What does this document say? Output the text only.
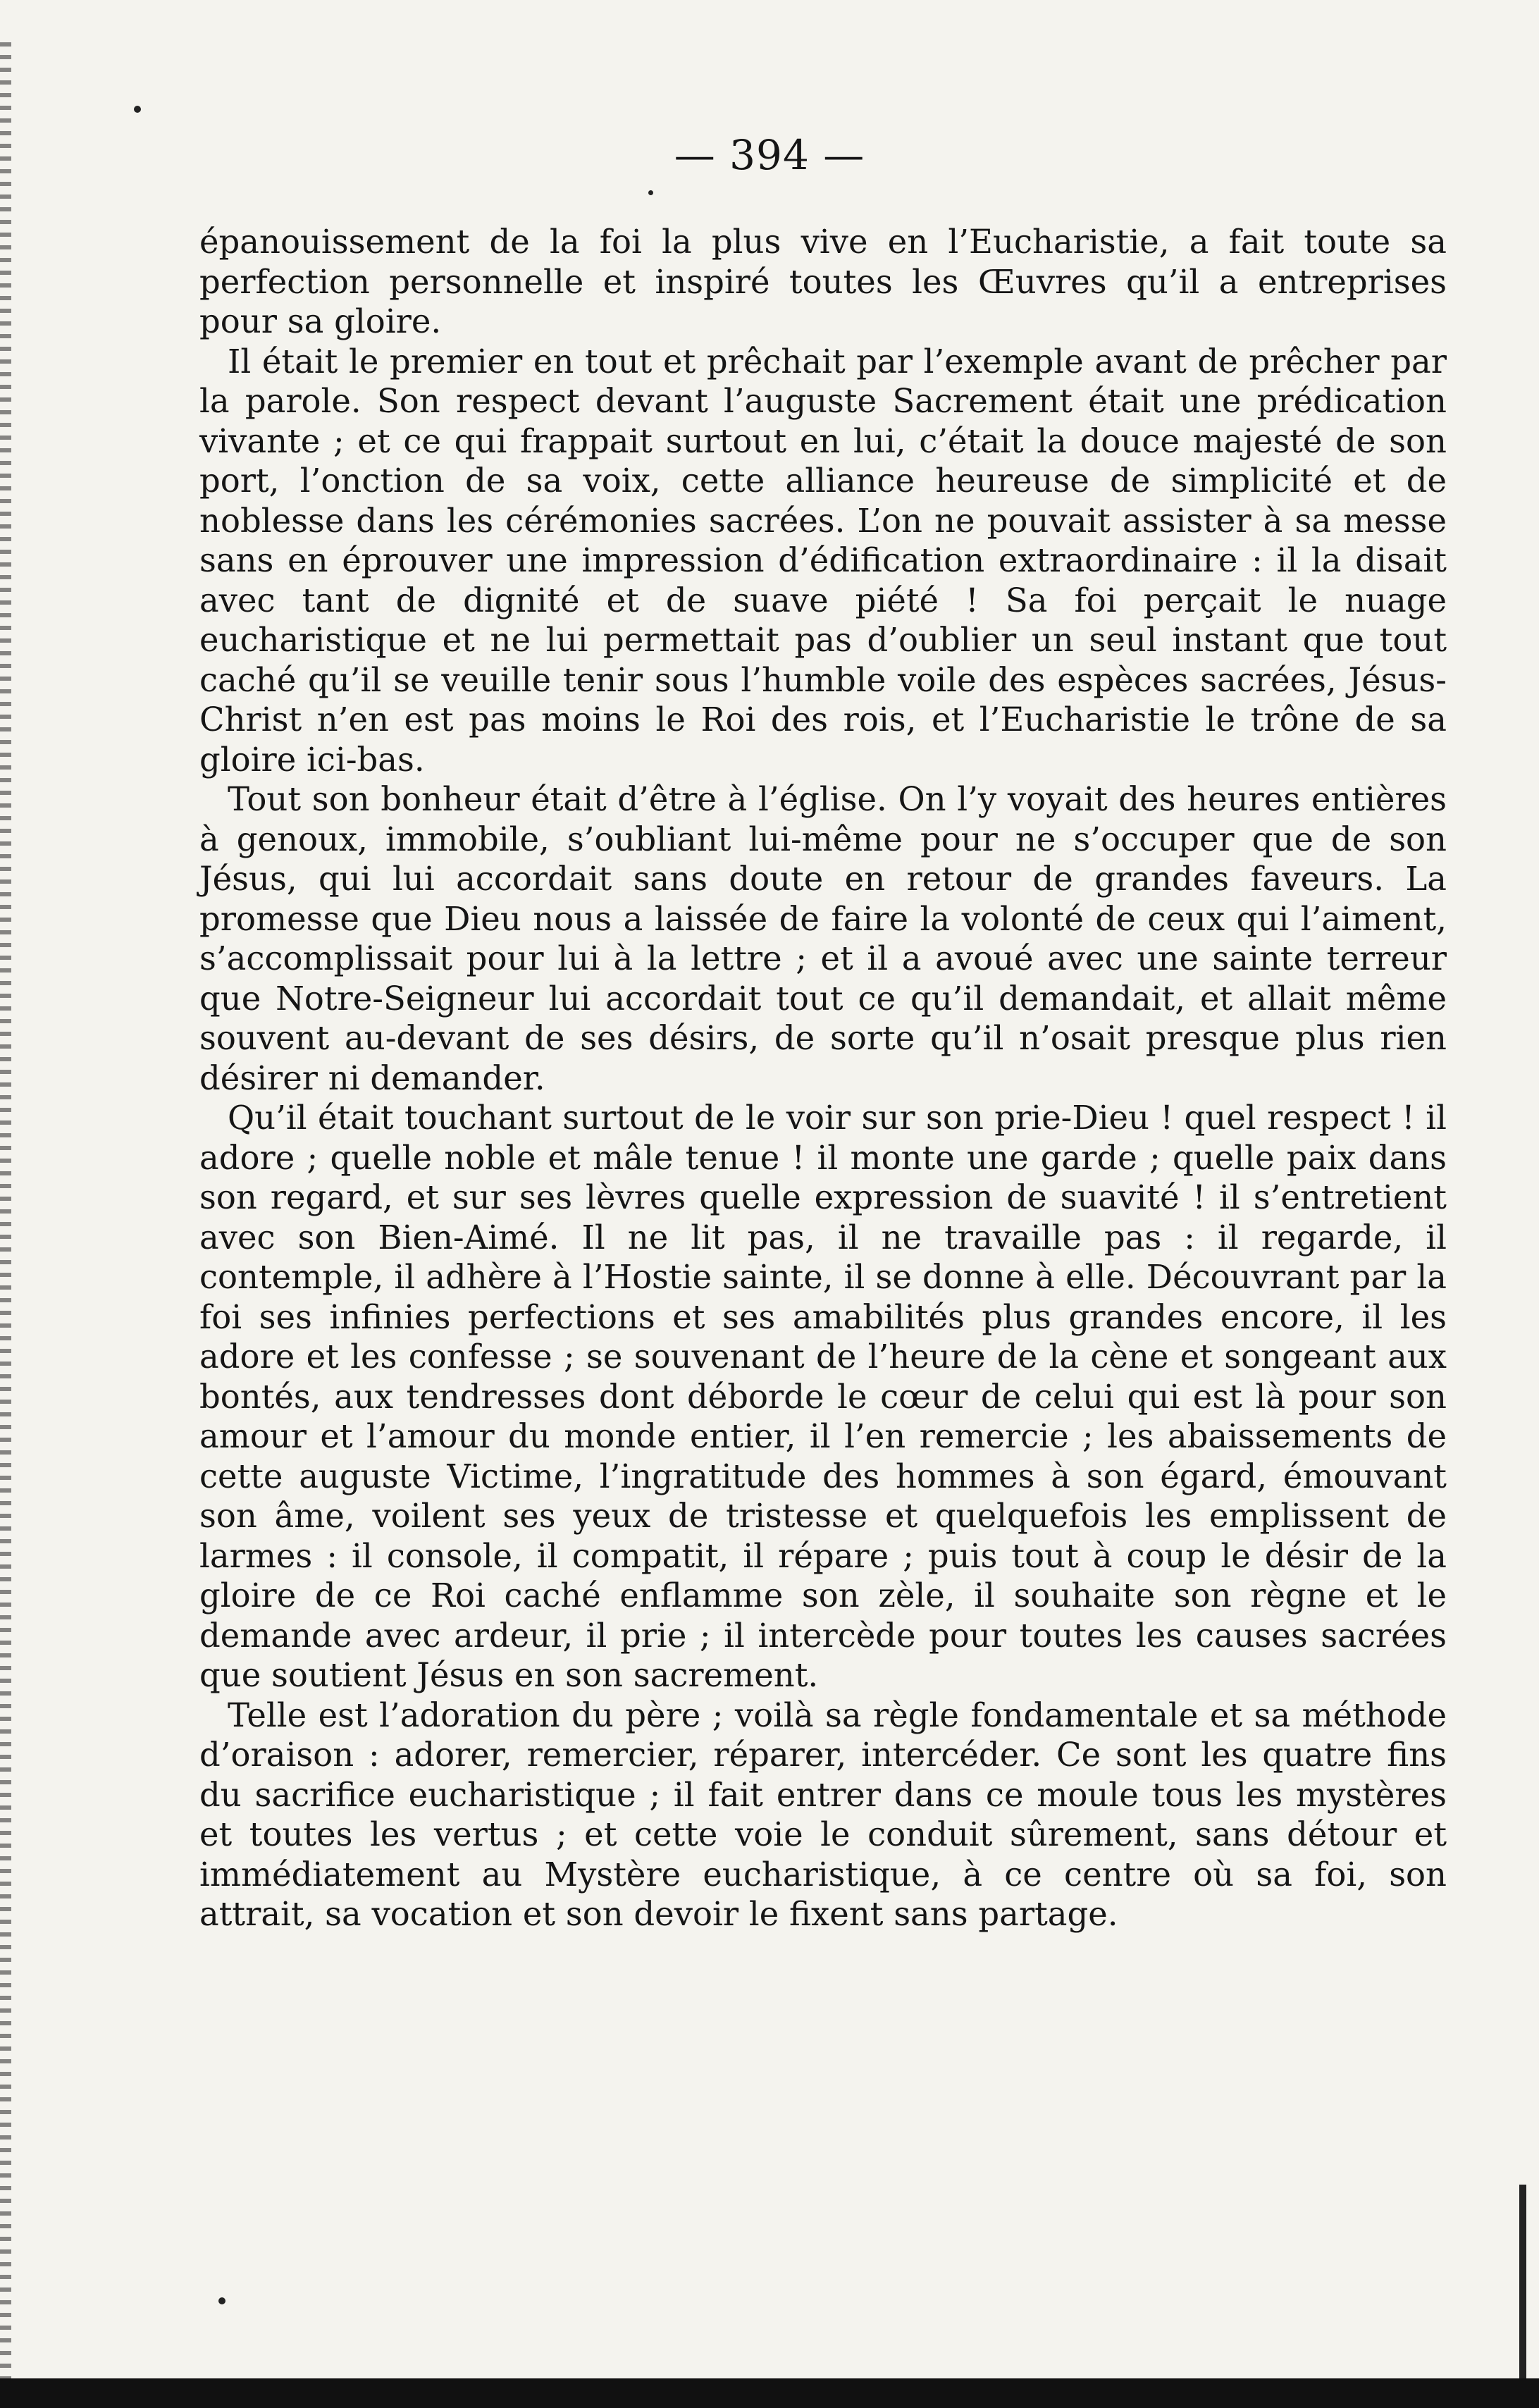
— 394 —

épanouissement de la foi la plus vive en l’Eucharistie, a fait toute sa perfection personnelle et inspiré toutes les Œuvres qu’il a entreprises pour sa gloire.

Il était le premier en tout et prêchait par l’exemple avant de prêcher par la parole. Son respect devant l’auguste Sacrement était une prédication vivante ; et ce qui frappait surtout en lui, c’était la douce majesté de son port, l’onction de sa voix, cette alliance heureuse de simplicité et de noblesse dans les cérémonies sacrées. L’on ne pouvait assister à sa messe sans en éprouver une impression d’édification extraordinaire : il la disait avec tant de dignité et de suave piété ! Sa foi perçait le nuage eucharistique et ne lui permettait pas d’oublier un seul instant que tout caché qu’il se veuille tenir sous l’humble voile des espèces sacrées, Jésus-Christ n’en est pas moins le Roi des rois, et l’Eucharistie le trône de sa gloire ici-bas.

Tout son bonheur était d’être à l’église. On l’y voyait des heures entières à genoux, immobile, s’oubliant lui-même pour ne s’occuper que de son Jésus, qui lui accordait sans doute en retour de grandes faveurs. La promesse que Dieu nous a laissée de faire la volonté de ceux qui l’aiment, s’accomplissait pour lui à la lettre ; et il a avoué avec une sainte terreur que Notre-Seigneur lui accordait tout ce qu’il demandait, et allait même souvent au-devant de ses désirs, de sorte qu’il n’osait presque plus rien désirer ni demander.

Qu’il était touchant surtout de le voir sur son prie-Dieu ! quel respect ! il adore ; quelle noble et mâle tenue ! il monte une garde ; quelle paix dans son regard, et sur ses lèvres quelle expression de suavité ! il s’entretient avec son Bien-Aimé. Il ne lit pas, il ne travaille pas : il regarde, il contemple, il adhère à l’Hostie sainte, il se donne à elle. Découvrant par la foi ses infinies perfections et ses amabilités plus grandes encore, il les adore et les confesse ; se souvenant de l’heure de la cène et songeant aux bontés, aux tendresses dont déborde le cœur de celui qui est là pour son amour et l’amour du monde entier, il l’en remercie ; les abaissements de cette auguste Victime, l’ingratitude des hommes à son égard, émouvant son âme, voilent ses yeux de tristesse et quelquefois les emplissent de larmes : il console, il compatit, il répare ; puis tout à coup le désir de la gloire de ce Roi caché enflamme son zèle, il souhaite son règne et le demande avec ardeur, il prie ; il intercède pour toutes les causes sacrées que soutient Jésus en son sacrement.

Telle est l’adoration du père ; voilà sa règle fondamentale et sa méthode d’oraison : adorer, remercier, réparer, intercéder. Ce sont les quatre fins du sacrifice eucharistique ; il fait entrer dans ce moule tous les mystères et toutes les vertus ; et cette voie le conduit sûrement, sans détour et immédiatement au Mystère eucharistique, à ce centre où sa foi, son attrait, sa vocation et son devoir le fixent sans partage.
